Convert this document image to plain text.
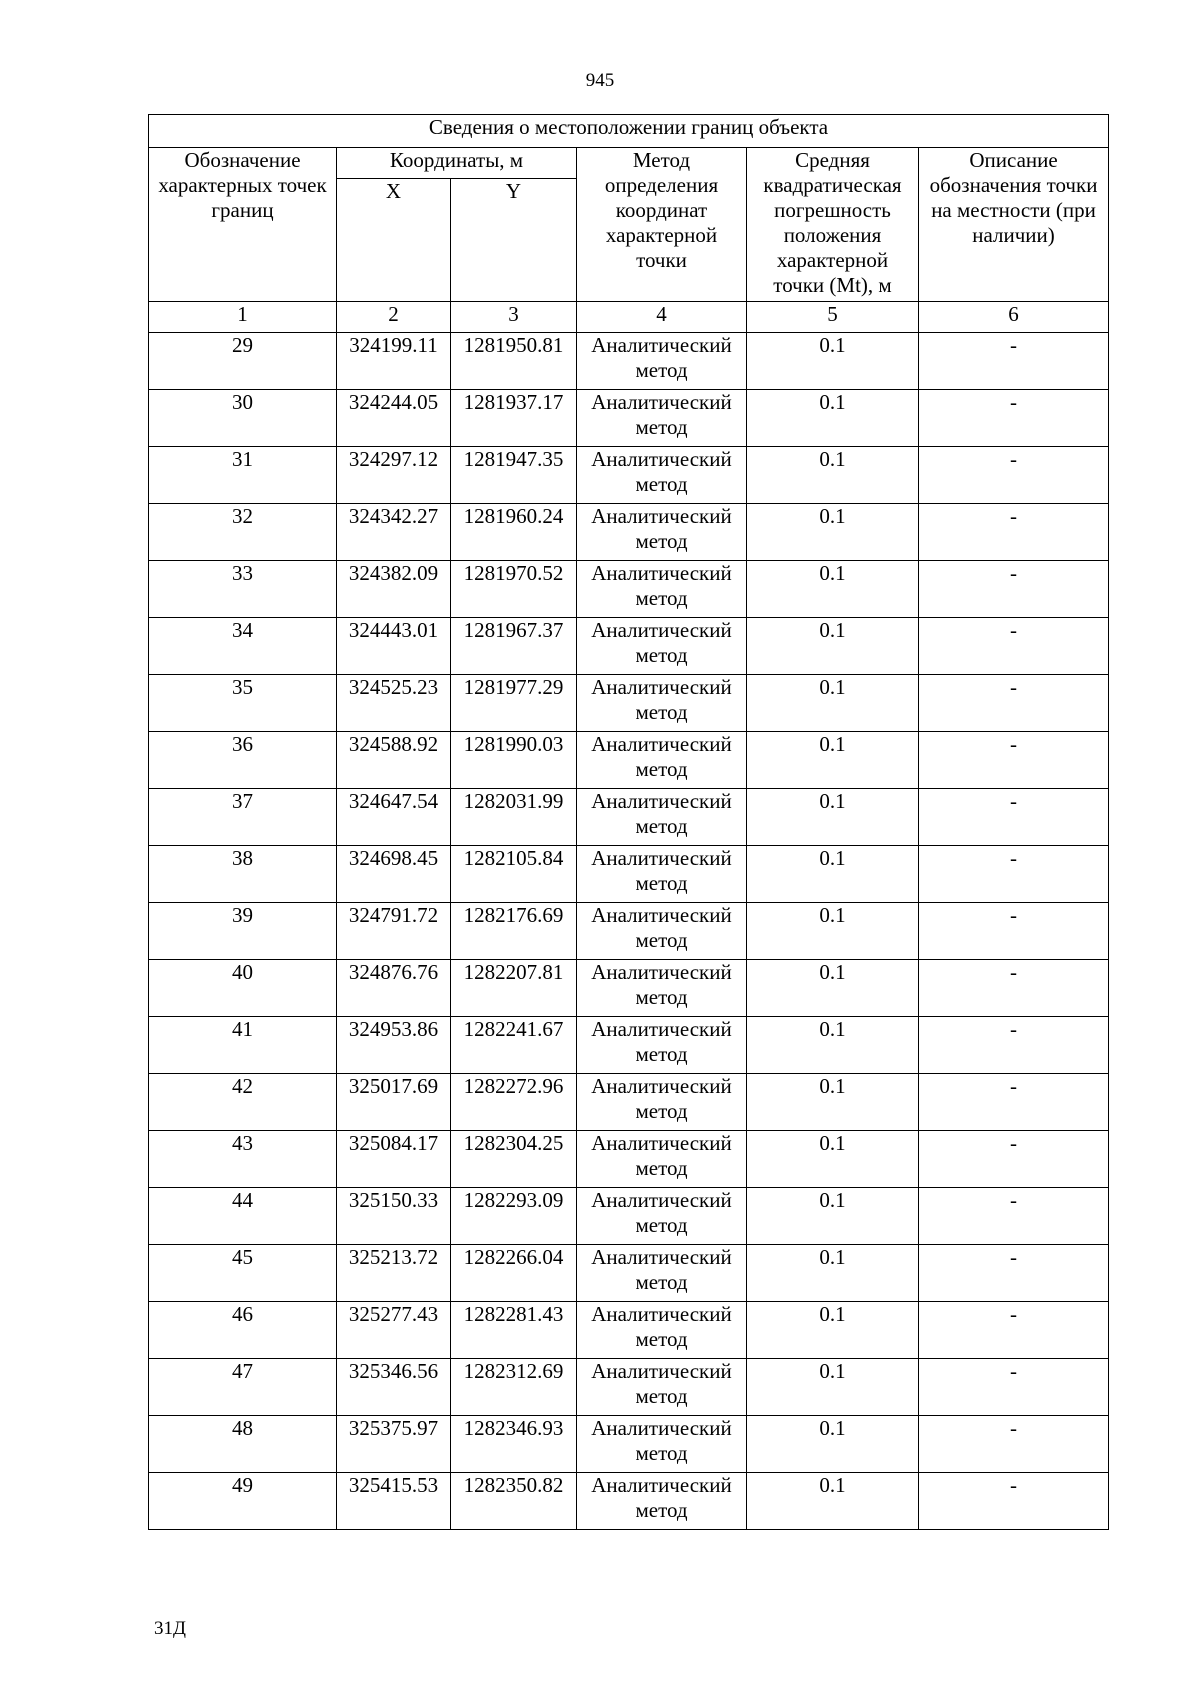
945
Сведения о местоположении границ объекта					
Обозначение характерных точек границ	Координаты, м		Метод определения координат характерной точки	Средняя квадратическая погрешность положения характерной точки (Mt), м	Описание обозначения точки на местности (при наличии)
	X	Y			
1	2	3	4	5	6
29	324199.11	1281950.81	Аналитический метод	0.1	-
30	324244.05	1281937.17	Аналитический метод	0.1	-
31	324297.12	1281947.35	Аналитический метод	0.1	-
32	324342.27	1281960.24	Аналитический метод	0.1	-
33	324382.09	1281970.52	Аналитический метод	0.1	-
34	324443.01	1281967.37	Аналитический метод	0.1	-
35	324525.23	1281977.29	Аналитический метод	0.1	-
36	324588.92	1281990.03	Аналитический метод	0.1	-
37	324647.54	1282031.99	Аналитический метод	0.1	-
38	324698.45	1282105.84	Аналитический метод	0.1	-
39	324791.72	1282176.69	Аналитический метод	0.1	-
40	324876.76	1282207.81	Аналитический метод	0.1	-
41	324953.86	1282241.67	Аналитический метод	0.1	-
42	325017.69	1282272.96	Аналитический метод	0.1	-
43	325084.17	1282304.25	Аналитический метод	0.1	-
44	325150.33	1282293.09	Аналитический метод	0.1	-
45	325213.72	1282266.04	Аналитический метод	0.1	-
46	325277.43	1282281.43	Аналитический метод	0.1	-
47	325346.56	1282312.69	Аналитический метод	0.1	-
48	325375.97	1282346.93	Аналитический метод	0.1	-
49	325415.53	1282350.82	Аналитический метод	0.1	-
31Д
